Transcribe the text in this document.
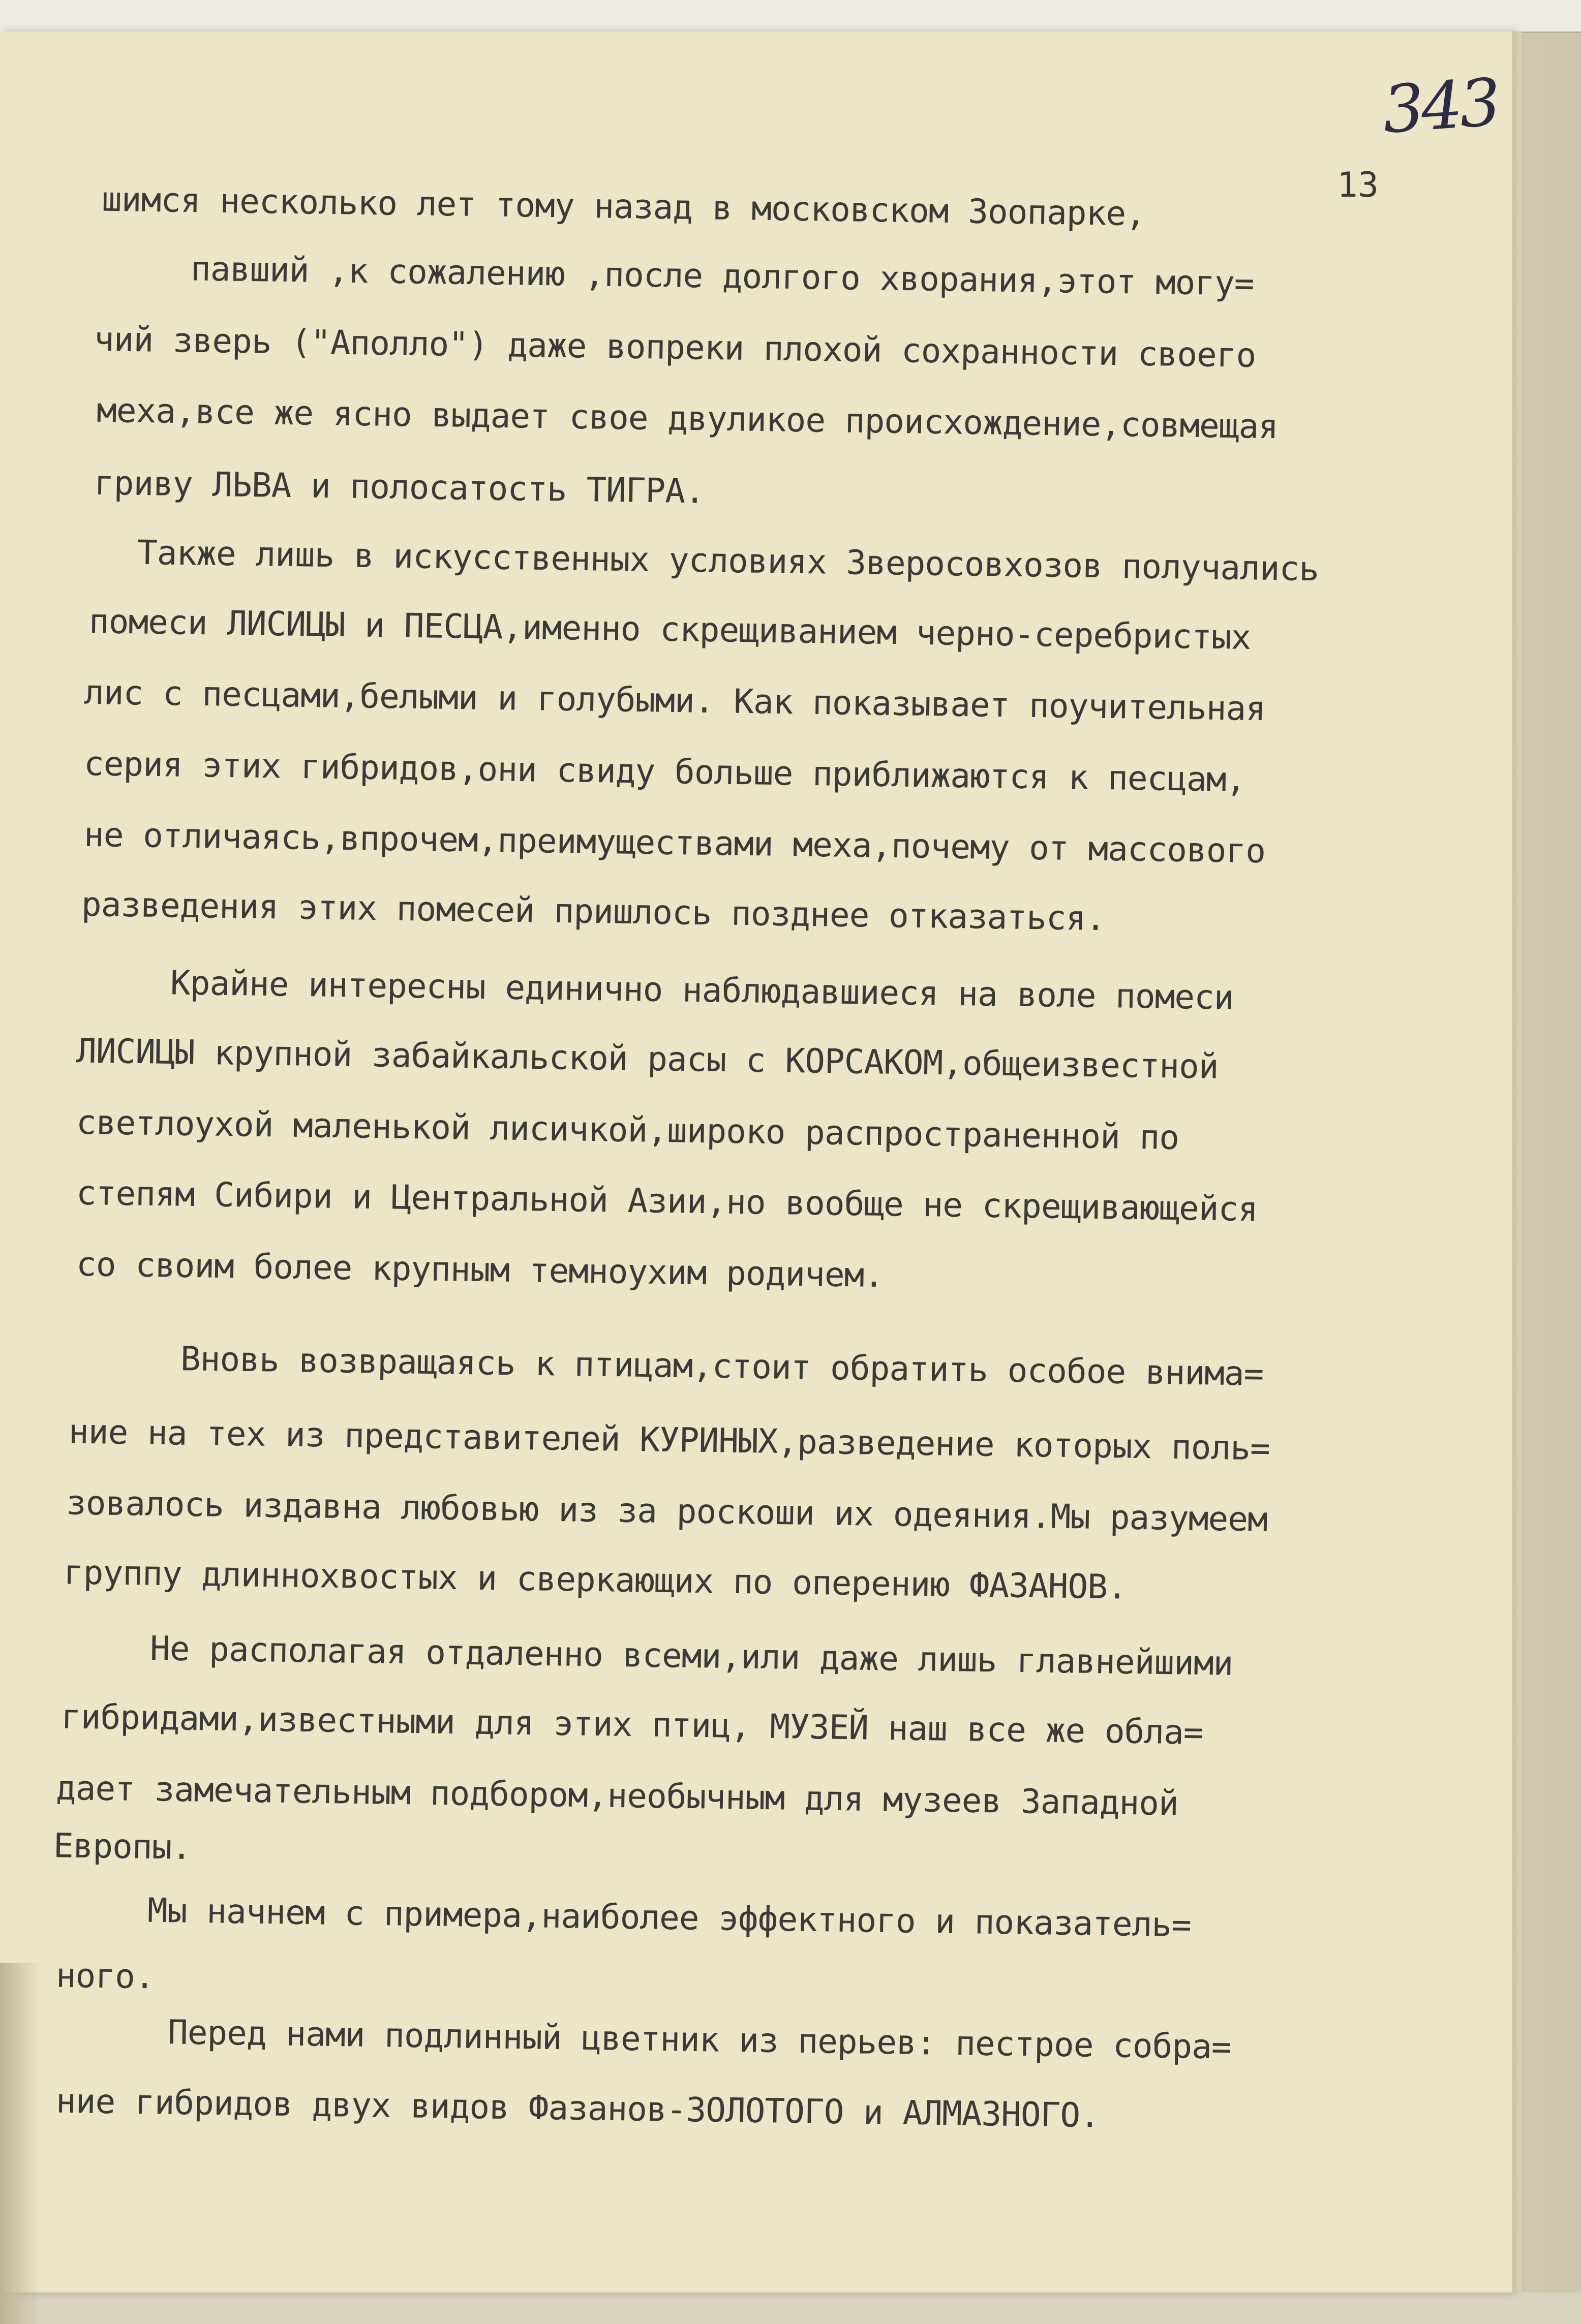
343
13
шимся несколько лет тому назад в московском Зоопарке,
павший ,к сожалению ,после долгого хворания,этот могу=
чий зверь ("Аполло") даже вопреки плохой сохранности своего
меха,все же ясно выдает свое двуликое происхождение,совмещая
гриву ЛЬВА и полосатость ТИГРА.
Также лишь в искусственных условиях Зверосовхозов получались
помеси ЛИСИЦЫ и ПЕСЦА,именно скрещиванием черно-серебристых
лис с песцами,белыми и голубыми. Как показывает поучительная
серия этих гибридов,они свиду больше приближаются к песцам,
не отличаясь,впрочем,преимуществами меха,почему от массового
разведения этих помесей пришлось позднее отказаться.
Крайне интересны единично наблюдавшиеся на воле помеси
ЛИСИЦЫ крупной забайкальской расы с КОРСАКОМ,общеизвестной
светлоухой маленькой лисичкой,широко распространенной по
степям Сибири и Центральной Азии,но вообще не скрещивающейся
со своим более крупным темноухим родичем.
Вновь возвращаясь к птицам,стоит обратить особое внима=
ние на тех из представителей КУРИНЫХ,разведение которых поль=
зовалось издавна любовью из за роскоши их одеяния.Мы разумеем
группу длиннохвостых и сверкающих по оперению ФАЗАНОВ.
Не располагая отдаленно всеми,или даже лишь главнейшими
гибридами,известными для этих птиц, МУЗЕЙ наш все же обла=
дает замечательным подбором,необычным для музеев Западной
Европы.
Мы начнем с примера,наиболее эффектного и показатель=
ного.
Перед нами подлинный цветник из перьев: пестрое собра=
ние гибридов двух видов Фазанов-ЗОЛОТОГО и АЛМАЗНОГО.
